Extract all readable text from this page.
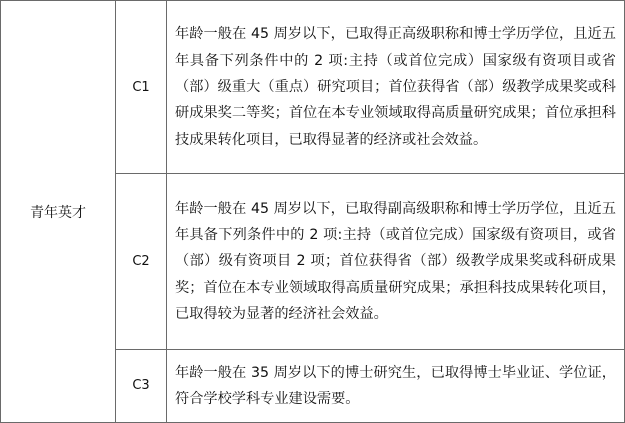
青年英才	C1	年龄一般在 45 周岁以下，已取得正高级职称和博士学历学位，且近五年具备下列条件中的 2 项:主持（或首位完成）国家级有资项目或省（部）级重大（重点）研究项目；首位获得省（部）级教学成果奖或科研成果奖二等奖；首位在本专业领域取得高质量研究成果；首位承担科技成果转化项目，已取得显著的经济或社会效益。
	C2	年龄一般在 45 周岁以下，已取得副高级职称和博士学历学位，且近五年具备下列条件中的 2 项:主持（或首位完成）国家级有资项目，或省（部）级有资项目 2 项；首位获得省（部）级教学成果奖或科研成果奖；首位在本专业领域取得高质量研究成果；承担科技成果转化项目，已取得较为显著的经济社会效益。
	C3	年龄一般在 35 周岁以下的博士研究生，已取得博士毕业证、学位证，符合学校学科专业建设需要。
